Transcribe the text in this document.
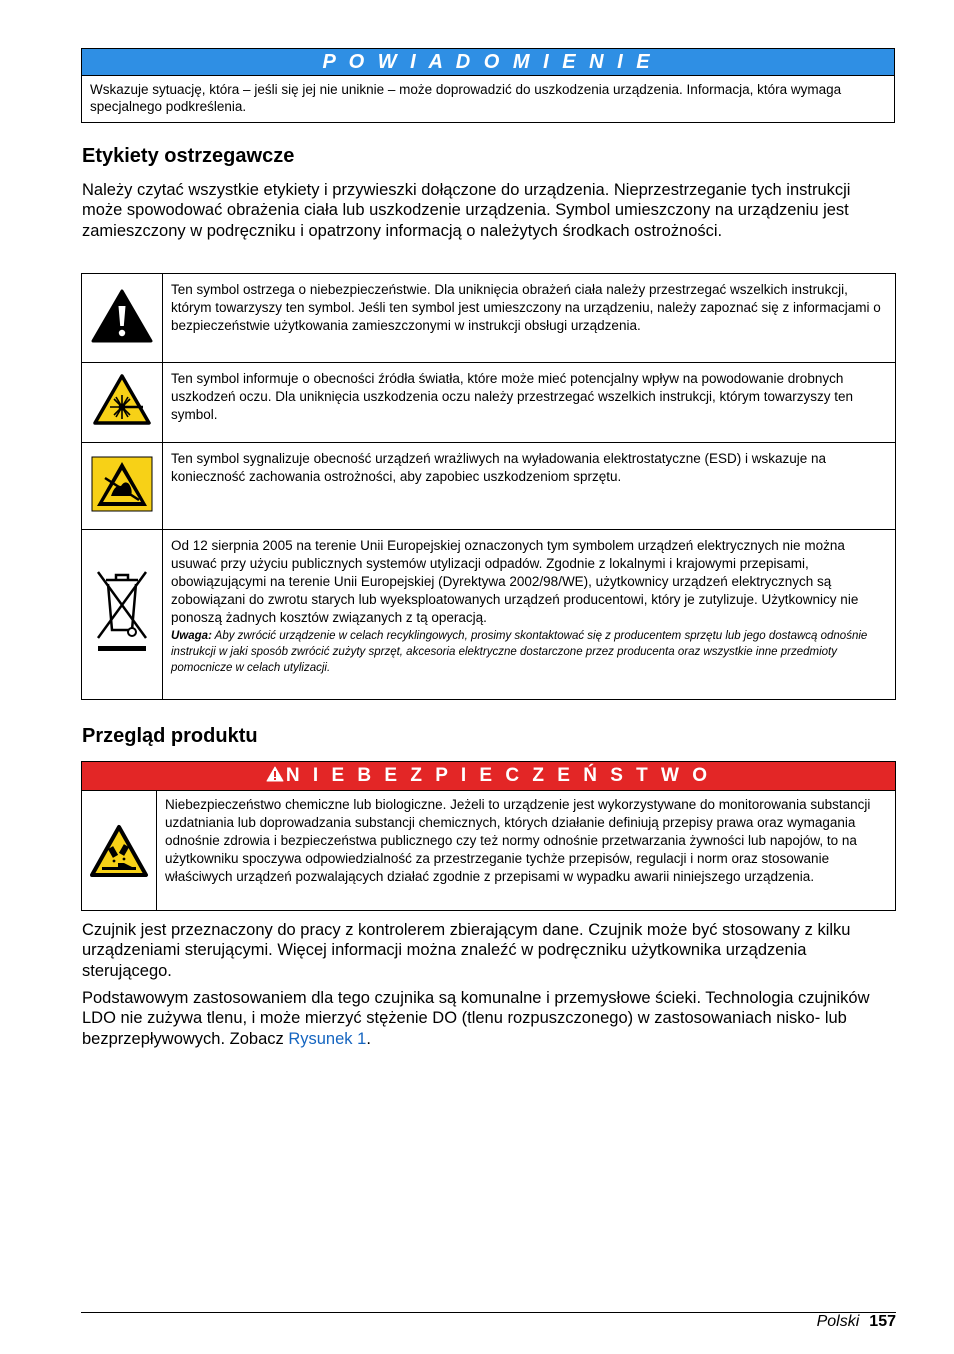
P O W I A D O M I E N I E
Wskazuje sytuację, która – jeśli się jej nie uniknie – może doprowadzić do uszkodzenia urządzenia. Informacja, która wymaga specjalnego podkreślenia.
Etykiety ostrzegawcze

Należy czytać wszystkie etykiety i przywieszki dołączone do urządzenia. Nieprzestrzeganie tych instrukcji może spowodować obrażenia ciała lub uszkodzenie urządzenia. Symbol umieszczony na urządzeniu jest zamieszczony w podręczniku i opatrzony informacją o należytych środkach ostrożności.

	Ten symbol ostrzega o niebezpieczeństwie. Dla uniknięcia obrażeń ciała należy przestrzegać wszelkich instrukcji, którym towarzyszy ten symbol. Jeśli ten symbol jest umieszczony na urządzeniu, należy zapoznać się z informacjami o bezpieczeństwie użytkowania zamieszczonymi w instrukcji obsługi urządzenia.
	Ten symbol informuje o obecności źródła światła, które może mieć potencjalny wpływ na powodowanie drobnych uszkodzeń oczu. Dla uniknięcia uszkodzenia oczu należy przestrzegać wszelkich instrukcji, którym towarzyszy ten symbol.
	Ten symbol sygnalizuje obecność urządzeń wrażliwych na wyładowania elektrostatyczne (ESD) i wskazuje na konieczność zachowania ostrożności, aby zapobiec uszkodzeniom sprzętu.

Od 12 sierpnia 2005 na terenie Unii Europejskiej oznaczonych tym symbolem urządzeń elektrycznych nie można usuwać przy użyciu publicznych systemów utylizacji odpadów. Zgodnie z lokalnymi i krajowymi przepisami, obowiązującymi na terenie Unii Europejskiej (Dyrektywa 2002/98/WE), użytkownicy urządzeń elektrycznych są zobowiązani do zwrotu starych lub wyeksploatowanych urządzeń producentowi, który je zutylizuje. Użytkownicy nie ponoszą żadnych kosztów związanych z tą operacją.
Uwaga: Aby zwrócić urządzenie w celach recyklingowych, prosimy skontaktować się z producentem sprzętu lub jego dostawcą odnośnie instrukcji w jaki sposób zwrócić zużyty sprzęt, akcesoria elektryczne dostarczone przez producenta oraz wszystkie inne przedmioty pomocnicze w celach utylizacji.
Przegląd produktu
N I E B E Z P I E C Z E Ń S T W O
Niebezpieczeństwo chemiczne lub biologiczne. Jeżeli to urządzenie jest wykorzystywane do monitorowania substancji uzdatniania lub doprowadzania substancji chemicznych, których działanie definiują przepisy prawa oraz wymagania odnośnie zdrowia i bezpieczeństwa publicznego czy też normy odnośnie przetwarzania żywności lub napojów, to na użytkowniku spoczywa odpowiedzialność za przestrzeganie tychże przepisów, regulacji i norm oraz stosowanie właściwych urządzeń pozwalających działać zgodnie z przepisami w wypadku awarii niniejszego urządzenia.

Czujnik jest przeznaczony do pracy z kontrolerem zbierającym dane. Czujnik może być stosowany z kilku urządzeniami sterującymi. Więcej informacji można znaleźć w podręczniku użytkownika urządzenia sterującego.

Podstawowym zastosowaniem dla tego czujnika są komunalne i przemysłowe ścieki. Technologia czujników LDO nie zużywa tlenu, i może mierzyć stężenie DO (tlenu rozpuszczonego) w zastosowaniach nisko- lub bezprzepływowych. Zobacz Rysunek 1.

Polski 157
